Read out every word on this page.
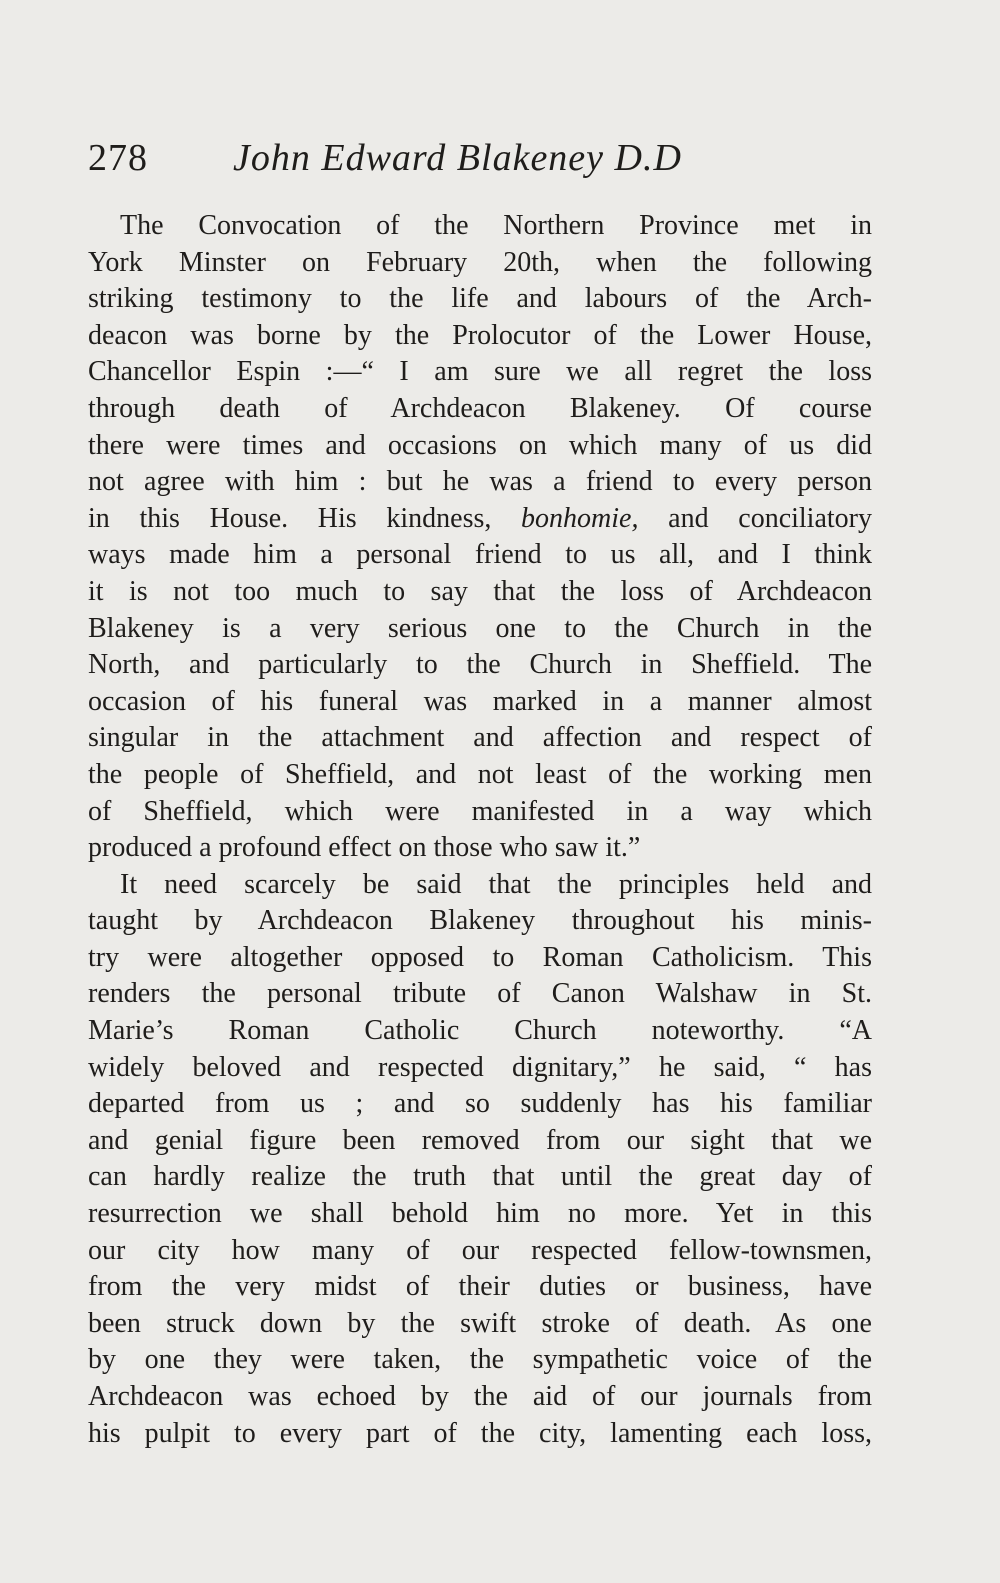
278 John Edward Blakeney D.D
The Convocation of the Northern Province met in
York Minster on February 20th, when the following
striking testimony to the life and labours of the Arch-
deacon was borne by the Prolocutor of the Lower House,
Chancellor Espin :—“ I am sure we all regret the loss
through death of Archdeacon Blakeney. Of course
there were times and occasions on which many of us did
not agree with him : but he was a friend to every person
in this House. His kindness, bonhomie, and conciliatory
ways made him a personal friend to us all, and I think
it is not too much to say that the loss of Archdeacon
Blakeney is a very serious one to the Church in the
North, and particularly to the Church in Sheffield. The
occasion of his funeral was marked in a manner almost
singular in the attachment and affection and respect of
the people of Sheffield, and not least of the working men
of Sheffield, which were manifested in a way which
produced a profound effect on those who saw it.”
It need scarcely be said that the principles held and
taught by Archdeacon Blakeney throughout his minis-
try were altogether opposed to Roman Catholicism. This
renders the personal tribute of Canon Walshaw in St.
Marie’s Roman Catholic Church noteworthy. “A
widely beloved and respected dignitary,” he said, “ has
departed from us ; and so suddenly has his familiar
and genial figure been removed from our sight that we
can hardly realize the truth that until the great day of
resurrection we shall behold him no more. Yet in this
our city how many of our respected fellow-townsmen,
from the very midst of their duties or business, have
been struck down by the swift stroke of death. As one
by one they were taken, the sympathetic voice of the
Archdeacon was echoed by the aid of our journals from
his pulpit to every part of the city, lamenting each loss,
